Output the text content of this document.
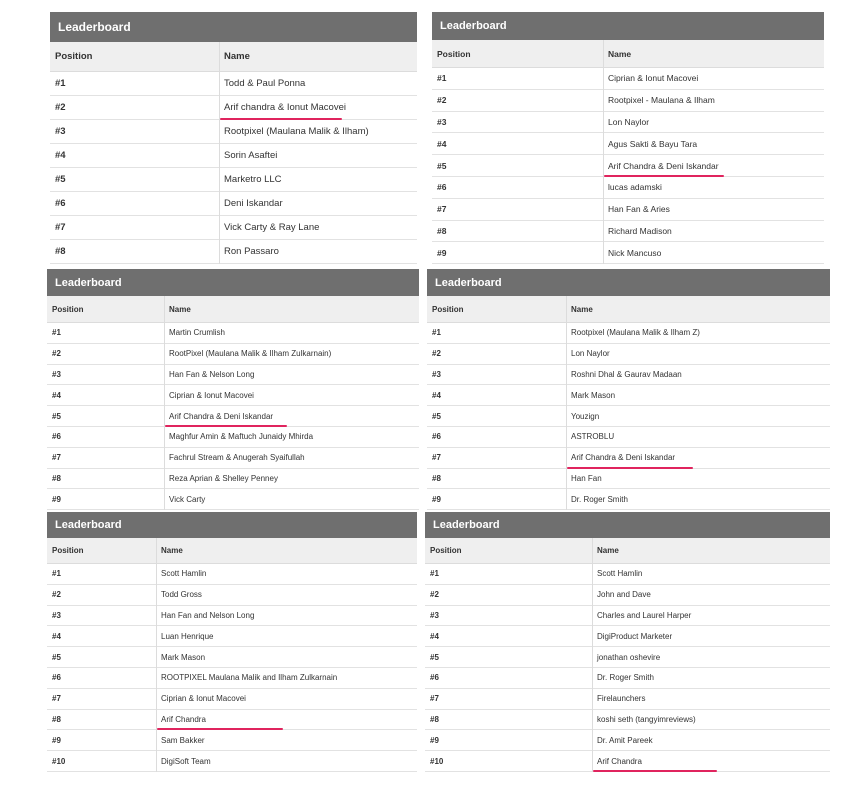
Leaderboard
Position	Name
#1	Todd & Paul Ponna
#2	Arif chandra & Ionut Macovei
#3	Rootpixel (Maulana Malik & Ilham)
#4	Sorin Asaftei
#5	Marketro LLC
#6	Deni Iskandar
#7	Vick Carty & Ray Lane
#8	Ron Passaro
Leaderboard
Position	Name
#1	Ciprian & Ionut Macovei
#2	Rootpixel - Maulana & Ilham
#3	Lon Naylor
#4	Agus Sakti & Bayu Tara
#5	Arif Chandra & Deni Iskandar
#6	lucas adamski
#7	Han Fan & Aries
#8	Richard Madison
#9	Nick Mancuso
Leaderboard
Position	Name
#1	Martin Crumlish
#2	RootPixel (Maulana Malik & Ilham Zulkarnain)
#3	Han Fan & Nelson Long
#4	Ciprian & Ionut Macovei
#5	Arif Chandra & Deni Iskandar
#6	Maghfur Amin & Maftuch Junaidy Mhirda
#7	Fachrul Stream & Anugerah Syaifullah
#8	Reza Aprian & Shelley Penney
#9	Vick Carty
Leaderboard
Position	Name
#1	Rootpixel (Maulana Malik & Ilham Z)
#2	Lon Naylor
#3	Roshni Dhal & Gaurav Madaan
#4	Mark Mason
#5	Youzign
#6	ASTROBLU
#7	Arif Chandra & Deni Iskandar
#8	Han Fan
#9	Dr. Roger Smith
Leaderboard
Position	Name
#1	Scott Hamlin
#2	Todd Gross
#3	Han Fan and Nelson Long
#4	Luan Henrique
#5	Mark Mason
#6	ROOTPIXEL Maulana Malik and Ilham Zulkarnain
#7	Ciprian & Ionut Macovei
#8	Arif Chandra
#9	Sam Bakker
#10	DigiSoft Team
Leaderboard
Position	Name
#1	Scott Hamlin
#2	John and Dave
#3	Charles and Laurel Harper
#4	DigiProduct Marketer
#5	jonathan oshevire
#6	Dr. Roger Smith
#7	Firelaunchers
#8	koshi seth (tangyimreviews)
#9	Dr. Amit Pareek
#10	Arif Chandra
